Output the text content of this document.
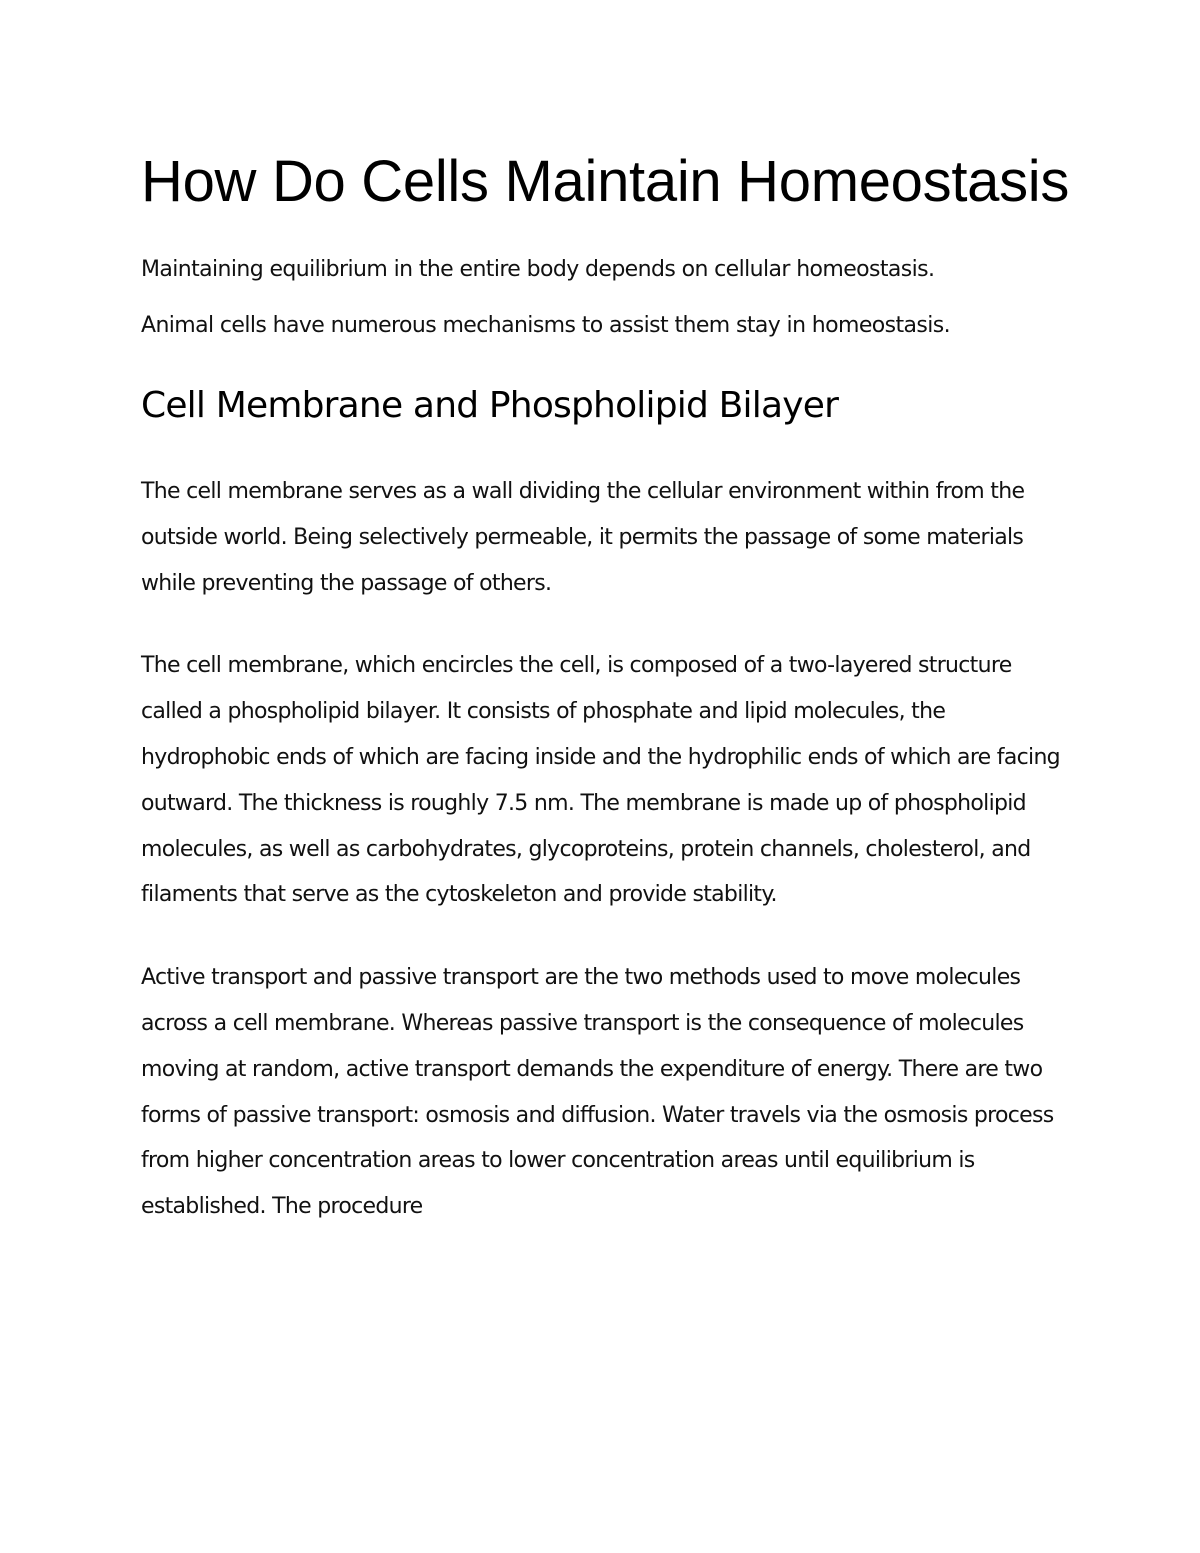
How Do Cells Maintain Homeostasis

Maintaining equilibrium in the entire body depends on cellular homeostasis.

Animal cells have numerous mechanisms to assist them stay in homeostasis.

Cell Membrane and Phospholipid Bilayer

The cell membrane serves as a wall dividing the cellular environment within from the outside world. Being selectively permeable, it permits the passage of some materials while preventing the passage of others.

The cell membrane, which encircles the cell, is composed of a two-layered structure called a phospholipid bilayer. It consists of phosphate and lipid molecules, the hydrophobic ends of which are facing inside and the hydrophilic ends of which are facing outward. The thickness is roughly 7.5 nm. The membrane is made up of phospholipid molecules, as well as carbohydrates, glycoproteins, protein channels, cholesterol, and filaments that serve as the cytoskeleton and provide stability.

Active transport and passive transport are the two methods used to move molecules across a cell membrane. Whereas passive transport is the consequence of molecules moving at random, active transport demands the expenditure of energy. There are two forms of passive transport: osmosis and diffusion. Water travels via the osmosis process from higher concentration areas to lower concentration areas until equilibrium is established. The procedure
